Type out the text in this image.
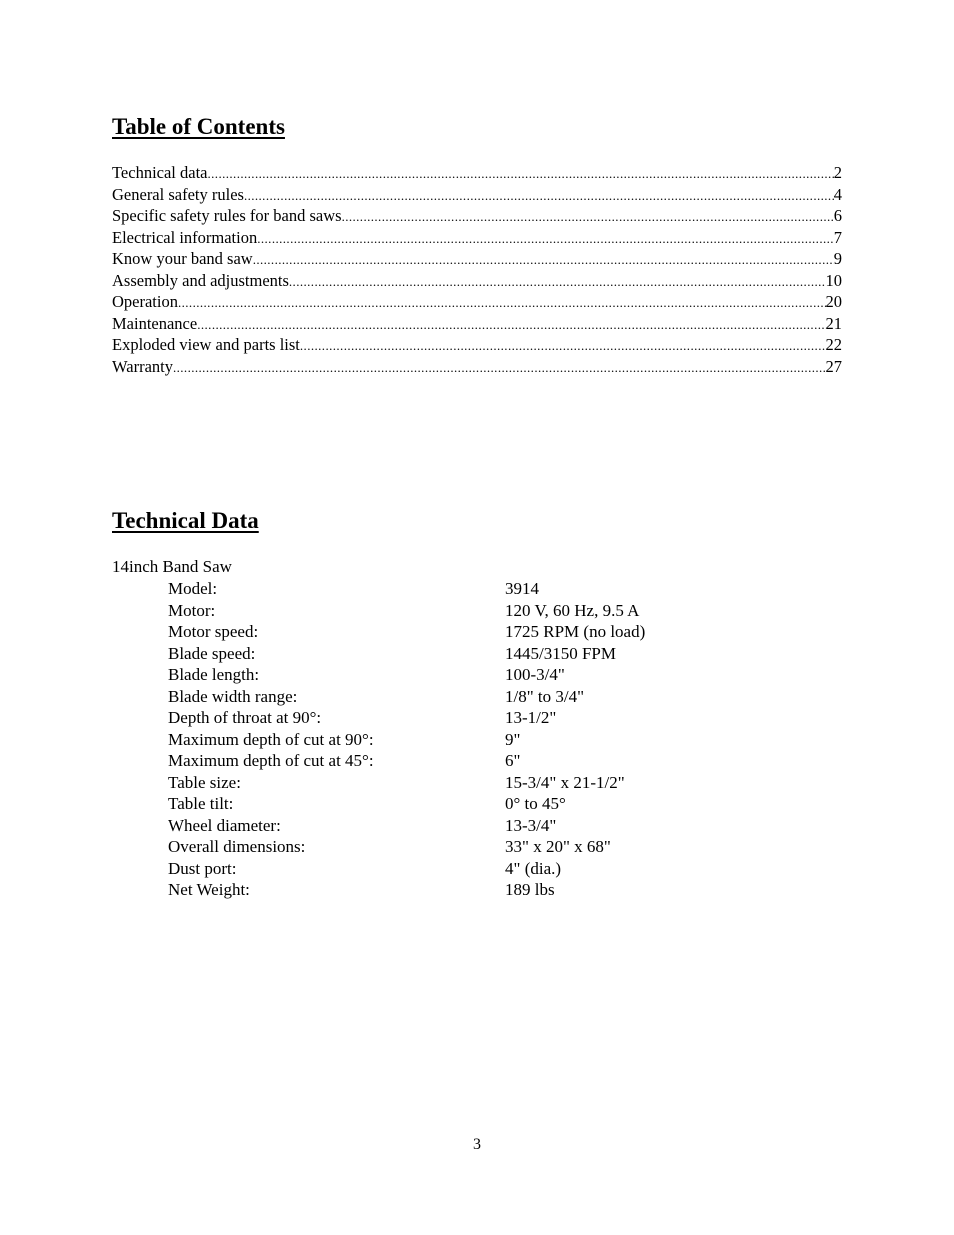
Table of Contents
Technical data .....	2
General safety rules .....	4
Specific safety rules for band saws .....	6
Electrical information .....	7
Know your band saw .....	9
Assembly and adjustments .....	10
Operation .....	20
Maintenance .....	21
Exploded view and parts list .....	22
Warranty .....	27
Technical Data
14inch Band Saw
Model:	3914
Motor:	120 V, 60 Hz, 9.5 A
Motor speed:	1725 RPM (no load)
Blade speed:	1445/3150 FPM
Blade length:	100-3/4"
Blade width range:	1/8" to 3/4"
Depth of throat at 90°:	13-1/2"
Maximum depth of cut at 90°:	9"
Maximum depth of cut at 45°:	6"
Table size:	15-3/4" x 21-1/2"
Table tilt:	0° to 45°
Wheel diameter:	13-3/4"
Overall dimensions:	33" x 20" x 68"
Dust port:	4" (dia.)
Net Weight:	189 lbs
3
